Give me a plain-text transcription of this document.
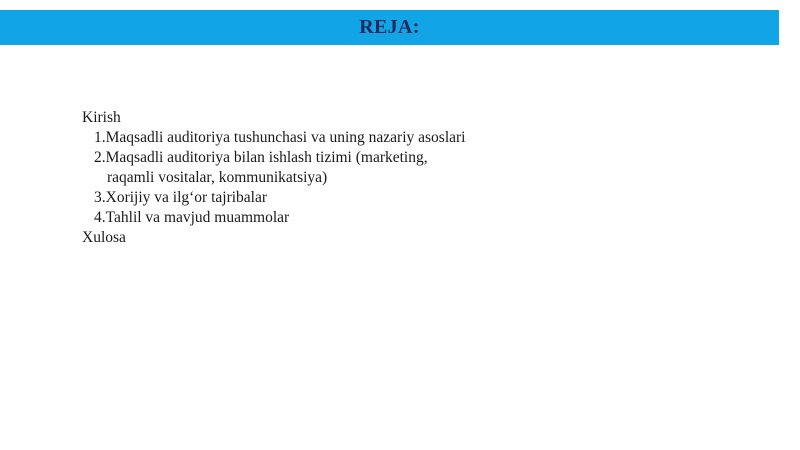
REJA:
Kirish
1.Maqsadli auditoriya tushunchasi va uning nazariy asoslari
2.Maqsadli auditoriya bilan ishlash tizimi (marketing,
raqamli vositalar, kommunikatsiya)
3.Xorijiy va ilg‘or tajribalar
4.Tahlil va mavjud muammolar
Xulosa
